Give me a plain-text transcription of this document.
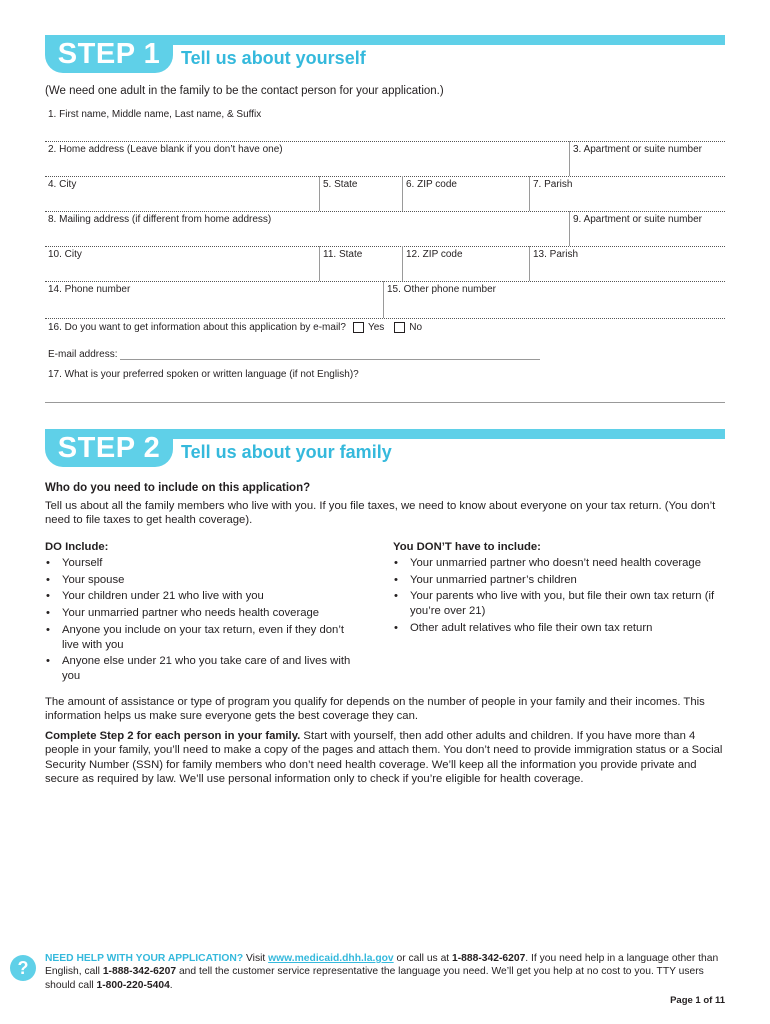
STEP 1	Tell us about yourself
(We need one adult in the family to be the contact person for your application.)
1. First name, Middle name, Last name, & Suffix
2. Home address (Leave blank if you don’t have one)	3. Apartment or suite number
4. City	5. State	6. ZIP code	7. Parish
8. Mailing address (if different from home address)	9. Apartment or suite number
10. City	11. State	12. ZIP code	13. Parish
14. Phone number	15. Other phone number
16. Do you want to get information about this application by e-mail? Yes	No
E-mail address:
17. What is your preferred spoken or written language (if not English)?
STEP 2	Tell us about your family
Who do you need to include on this application?
Tell us about all the family members who live with you. If you file taxes, we need to know about everyone on your tax return. (You don’t need to file taxes to get health coverage).
DO Include:
• Yourself
• Your spouse
• Your children under 21 who live with you
• Your unmarried partner who needs health coverage
• Anyone you include on your tax return, even if they don’t live with you
• Anyone else under 21 who you take care of and lives with you
You DON’T have to include:
• Your unmarried partner who doesn’t need health coverage
• Your unmarried partner’s children
• Your parents who live with you, but file their own tax return (if you’re over 21)
• Other adult relatives who file their own tax return
The amount of assistance or type of program you qualify for depends on the number of people in your family and their incomes. This information helps us make sure everyone gets the best coverage they can.
Complete Step 2 for each person in your family. Start with yourself, then add other adults and children. If you have more than 4 people in your family, you’ll need to make a copy of the pages and attach them. You don’t need to provide immigration status or a Social Security Number (SSN) for family members who don’t need health coverage. We’ll keep all the information you provide private and secure as required by law. We’ll use personal information only to check if you’re eligible for health coverage.
?	NEED HELP WITH YOUR APPLICATION? Visit www.medicaid.dhh.la.gov or call us at 1-888-342-6207. If you need help in a language other than English, call 1-888-342-6207 and tell the customer service representative the language you need. We’ll get you help at no cost to you. TTY users should call 1-800-220-5404.
Page 1 of 11
